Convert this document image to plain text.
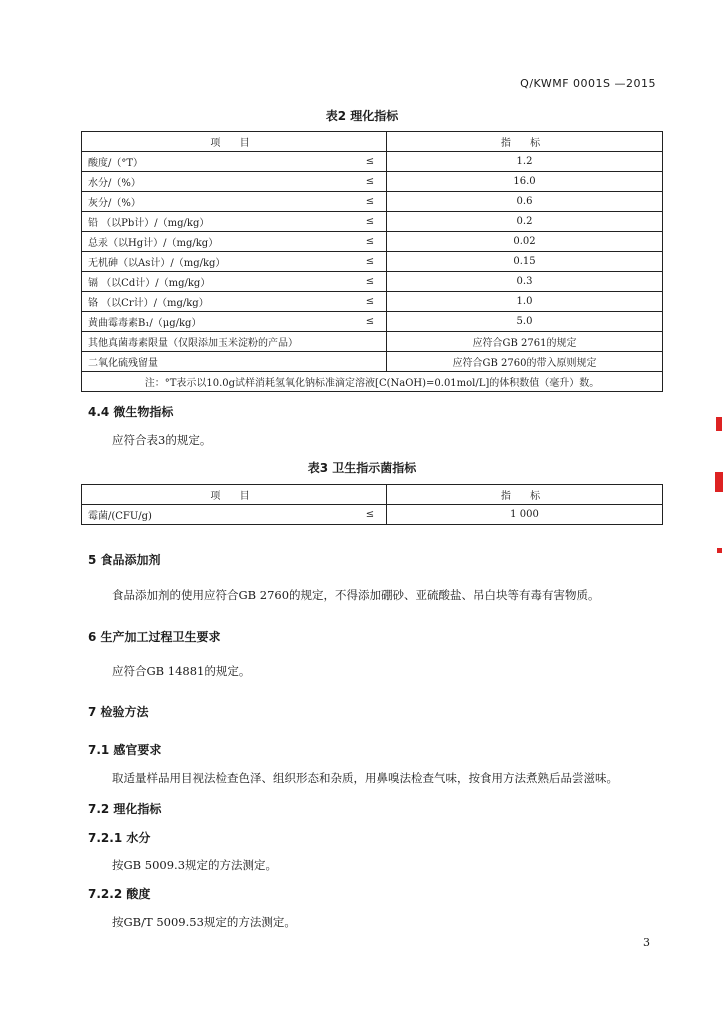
Q/KWMF 0001S —2015
表2 理化指标
项 目		指 标
酸度/（°T）	≤	1.2
水分/（%）	≤	16.0
灰分/（%）	≤	0.6
铅 （以Pb计）/（mg/kg）	≤	0.2
总汞（以Hg计）/（mg/kg）	≤	0.02
无机砷（以As计）/（mg/kg）	≤	0.15
镉 （以Cd计）/（mg/kg）	≤	0.3
铬 （以Cr计）/（mg/kg）	≤	1.0
黄曲霉毒素B₁/（μg/kg）	≤	5.0
其他真菌毒素限量（仅限添加玉米淀粉的产品）		应符合GB 2761的规定
二氧化硫残留量		应符合GB 2760的带入原则规定
注：°T表示以10.0g试样消耗氢氧化钠标准滴定溶液[C(NaOH)=0.01mol/L]的体积数值（毫升）数。		
4.4 微生物指标
应符合表3的规定。
表3 卫生指示菌指标
项 目		指 标
霉菌/(CFU/g)	≤	1 000
5 食品添加剂
食品添加剂的使用应符合GB 2760的规定，不得添加硼砂、亚硫酸盐、吊白块等有毒有害物质。
6 生产加工过程卫生要求
应符合GB 14881的规定。
7 检验方法
7.1 感官要求
取适量样品用目视法检查色泽、组织形态和杂质，用鼻嗅法检查气味，按食用方法煮熟后品尝滋味。
7.2 理化指标
7.2.1 水分
按GB 5009.3规定的方法测定。
7.2.2 酸度
按GB/T 5009.53规定的方法测定。
3
